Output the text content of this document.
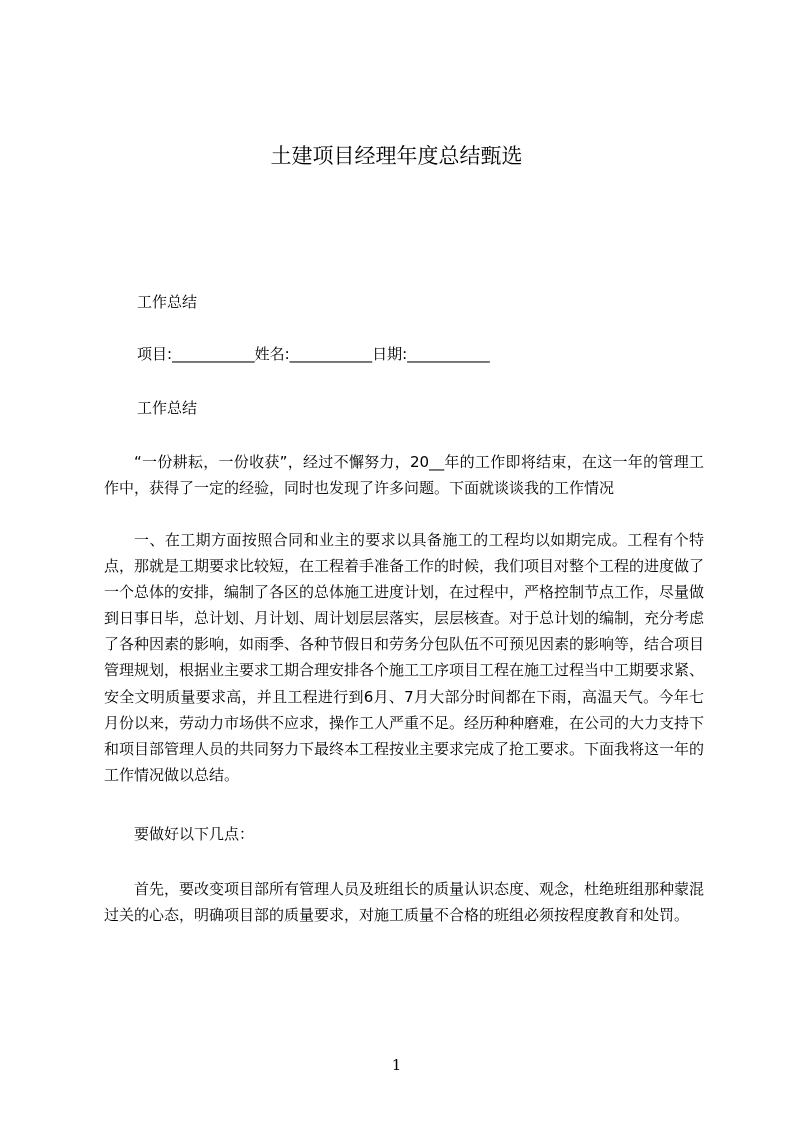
土建项目经理年度总结甄选
工作总结
项目:___________姓名:___________日期:___________
工作总结

“一份耕耘，一份收获”，经过不懈努力，20__年的工作即将结束，在这一年的管理工作中，获得了一定的经验，同时也发现了许多问题。下面就谈谈我的工作情况

一、在工期方面按照合同和业主的要求以具备施工的工程均以如期完成。工程有个特点，那就是工期要求比较短，在工程着手准备工作的时候，我们项目对整个工程的进度做了一个总体的安排，编制了各区的总体施工进度计划，在过程中，严格控制节点工作，尽量做到日事日毕，总计划、月计划、周计划层层落实，层层核查。对于总计划的编制，充分考虑了各种因素的影响，如雨季、各种节假日和劳务分包队伍不可预见因素的影响等，结合项目管理规划，根据业主要求工期合理安排各个施工工序项目工程在施工过程当中工期要求紧、安全文明质量要求高，并且工程进行到6月、7月大部分时间都在下雨，高温天气。今年七月份以来，劳动力市场供不应求，操作工人严重不足。经历种种磨难，在公司的大力支持下和项目部管理人员的共同努力下最终本工程按业主要求完成了抢工要求。下面我将这一年的工作情况做以总结。

要做好以下几点：

首先，要改变项目部所有管理人员及班组长的质量认识态度、观念，杜绝班组那种蒙混过关的心态，明确项目部的质量要求，对施工质量不合格的班组必须按程度教育和处罚。

1
